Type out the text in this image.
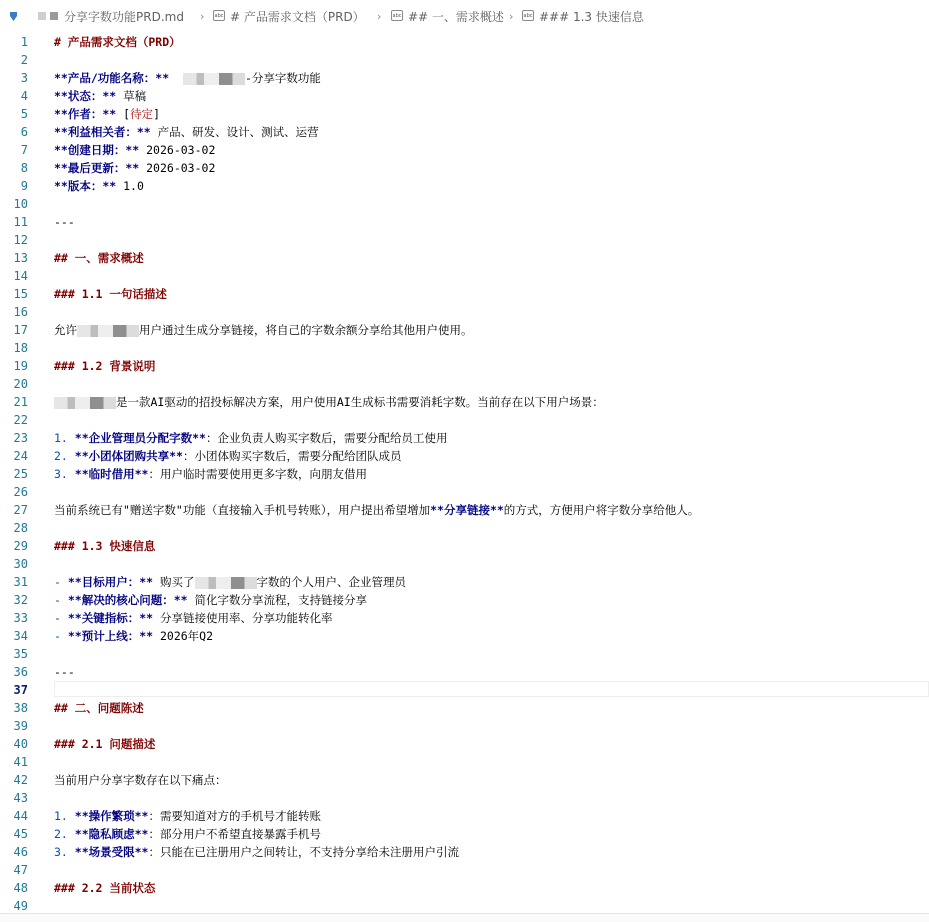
分享字数功能PRD.md ›	abc # 产品需求文档（PRD） ›	abc ## 一、需求概述 ›	abc ### 1.3 快速信息
1 # 产品需求文档（PRD）
2
3 **产品/功能名称：**	-分享字数功能
4 **状态：** 草稿
5 **作者：** [待定]
6 **利益相关者：** 产品、研发、设计、测试、运营
7 **创建日期：** 2026-03-02
8 **最后更新：** 2026-03-02
9 **版本：** 1.0
10
11 ---
12
13 ## 一、需求概述
14
15 ### 1.1 一句话描述
16
17 允许	用户通过生成分享链接，将自己的字数余额分享给其他用户使用。
18
19 ### 1.2 背景说明
20
21	是一款AI驱动的招投标解决方案，用户使用AI生成标书需要消耗字数。当前存在以下用户场景：
22
23 1. **企业管理员分配字数**：企业负责人购买字数后，需要分配给员工使用
24 2. **小团体团购共享**：小团体购买字数后，需要分配给团队成员
25 3. **临时借用**：用户临时需要使用更多字数，向朋友借用
26
27 当前系统已有"赠送字数"功能（直接输入手机号转账），用户提出希望增加**分享链接**的方式，方便用户将字数分享给他人。
28
29 ### 1.3 快速信息
30
31 - **目标用户：** 购买了	字数的个人用户、企业管理员
32 - **解决的核心问题：** 简化字数分享流程，支持链接分享
33 - **关键指标：** 分享链接使用率、分享功能转化率
34 - **预计上线：** 2026年Q2
35
36 ---
37
38 ## 二、问题陈述
39
40 ### 2.1 问题描述
41
42 当前用户分享字数存在以下痛点：
43
44 1. **操作繁琐**：需要知道对方的手机号才能转账
45 2. **隐私顾虑**：部分用户不希望直接暴露手机号
46 3. **场景受限**：只能在已注册用户之间转让，不支持分享给未注册用户引流
47
48 ### 2.2 当前状态
49
